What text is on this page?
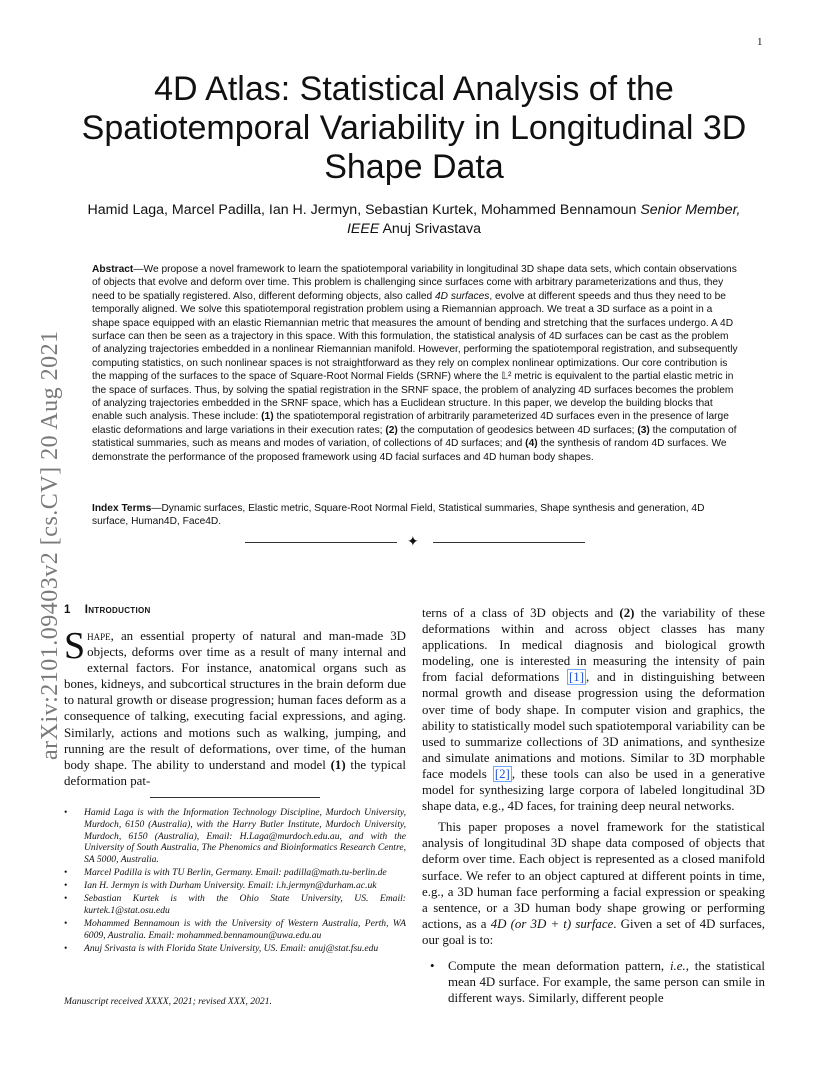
1
arXiv:2101.09403v2 [cs.CV] 20 Aug 2021
4D Atlas: Statistical Analysis of the Spatiotemporal Variability in Longitudinal 3D Shape Data
Hamid Laga, Marcel Padilla, Ian H. Jermyn, Sebastian Kurtek, Mohammed Bennamoun Senior Member, IEEE Anuj Srivastava
Abstract—We propose a novel framework to learn the spatiotemporal variability in longitudinal 3D shape data sets, which contain observations of objects that evolve and deform over time. This problem is challenging since surfaces come with arbitrary parameterizations and thus, they need to be spatially registered. Also, different deforming objects, also called 4D surfaces, evolve at different speeds and thus they need to be temporally aligned. We solve this spatiotemporal registration problem using a Riemannian approach. We treat a 3D surface as a point in a shape space equipped with an elastic Riemannian metric that measures the amount of bending and stretching that the surfaces undergo. A 4D surface can then be seen as a trajectory in this space. With this formulation, the statistical analysis of 4D surfaces can be cast as the problem of analyzing trajectories embedded in a nonlinear Riemannian manifold. However, performing the spatiotemporal registration, and subsequently computing statistics, on such nonlinear spaces is not straightforward as they rely on complex nonlinear optimizations. Our core contribution is the mapping of the surfaces to the space of Square-Root Normal Fields (SRNF) where the 𝕃² metric is equivalent to the partial elastic metric in the space of surfaces. Thus, by solving the spatial registration in the SRNF space, the problem of analyzing 4D surfaces becomes the problem of analyzing trajectories embedded in the SRNF space, which has a Euclidean structure. In this paper, we develop the building blocks that enable such analysis. These include: (1) the spatiotemporal registration of arbitrarily parameterized 4D surfaces even in the presence of large elastic deformations and large variations in their execution rates; (2) the computation of geodesics between 4D surfaces; (3) the computation of statistical summaries, such as means and modes of variation, of collections of 4D surfaces; and (4) the synthesis of random 4D surfaces. We demonstrate the performance of the proposed framework using 4D facial surfaces and 4D human body shapes.
Index Terms—Dynamic surfaces, Elastic metric, Square-Root Normal Field, Statistical summaries, Shape synthesis and generation, 4D surface, Human4D, Face4D.
✦
1 Introduction
Shape, an essential property of natural and man-made 3D objects, deforms over time as a result of many internal and external factors. For instance, anatomical organs such as bones, kidneys, and subcortical structures in the brain deform due to natural growth or disease progression; human faces deform as a consequence of talking, executing facial expressions, and aging. Similarly, actions and motions such as walking, jumping, and running are the result of deformations, over time, of the human body shape. The ability to understand and model (1) the typical deformation pat-
• Hamid Laga is with the Information Technology Discipline, Murdoch University, Murdoch, 6150 (Australia), with the Harry Butler Institute, Murdoch University, Murdoch, 6150 (Australia), Email: H.Laga@murdoch.edu.au, and with the University of South Australia, The Phenomics and Bioinformatics Research Centre, SA 5000, Australia.
• Marcel Padilla is with TU Berlin, Germany. Email: padilla@math.tu-berlin.de
• Ian H. Jermyn is with Durham University. Email: i.h.jermyn@durham.ac.uk
• Sebastian Kurtek is with the Ohio State University, US. Email: kurtek.1@stat.osu.edu
• Mohammed Bennamoun is with the University of Western Australia, Perth, WA 6009, Australia. Email: mohammed.bennamoun@uwa.edu.au
• Anuj Srivasta is with Florida State University, US. Email: anuj@stat.fsu.edu
Manuscript received XXXX, 2021; revised XXX, 2021.

terns of a class of 3D objects and (2) the variability of these deformations within and across object classes has many applications. In medical diagnosis and biological growth modeling, one is interested in measuring the intensity of pain from facial deformations [1] , and in distinguishing between normal growth and disease progression using the deformation over time of body shape. In computer vision and graphics, the ability to statistically model such spatiotemporal variability can be used to summarize collections of 3D animations, and synthesize and simulate animations and motions. Similar to 3D morphable face models [2] , these tools can also be used in a generative model for synthesizing large corpora of labeled longitudinal 3D shape data, e.g., 4D faces, for training deep neural networks.

This paper proposes a novel framework for the statistical analysis of longitudinal 3D shape data composed of objects that deform over time. Each object is represented as a closed manifold surface. We refer to an object captured at different points in time, e.g., a 3D human face performing a facial expression or speaking a sentence, or a 3D human body shape growing or performing actions, as a 4D (or 3D + t) surface. Given a set of 4D surfaces, our goal is to:

• Compute the mean deformation pattern, i.e., the statistical mean 4D surface. For example, the same person can smile in different ways. Similarly, different people
